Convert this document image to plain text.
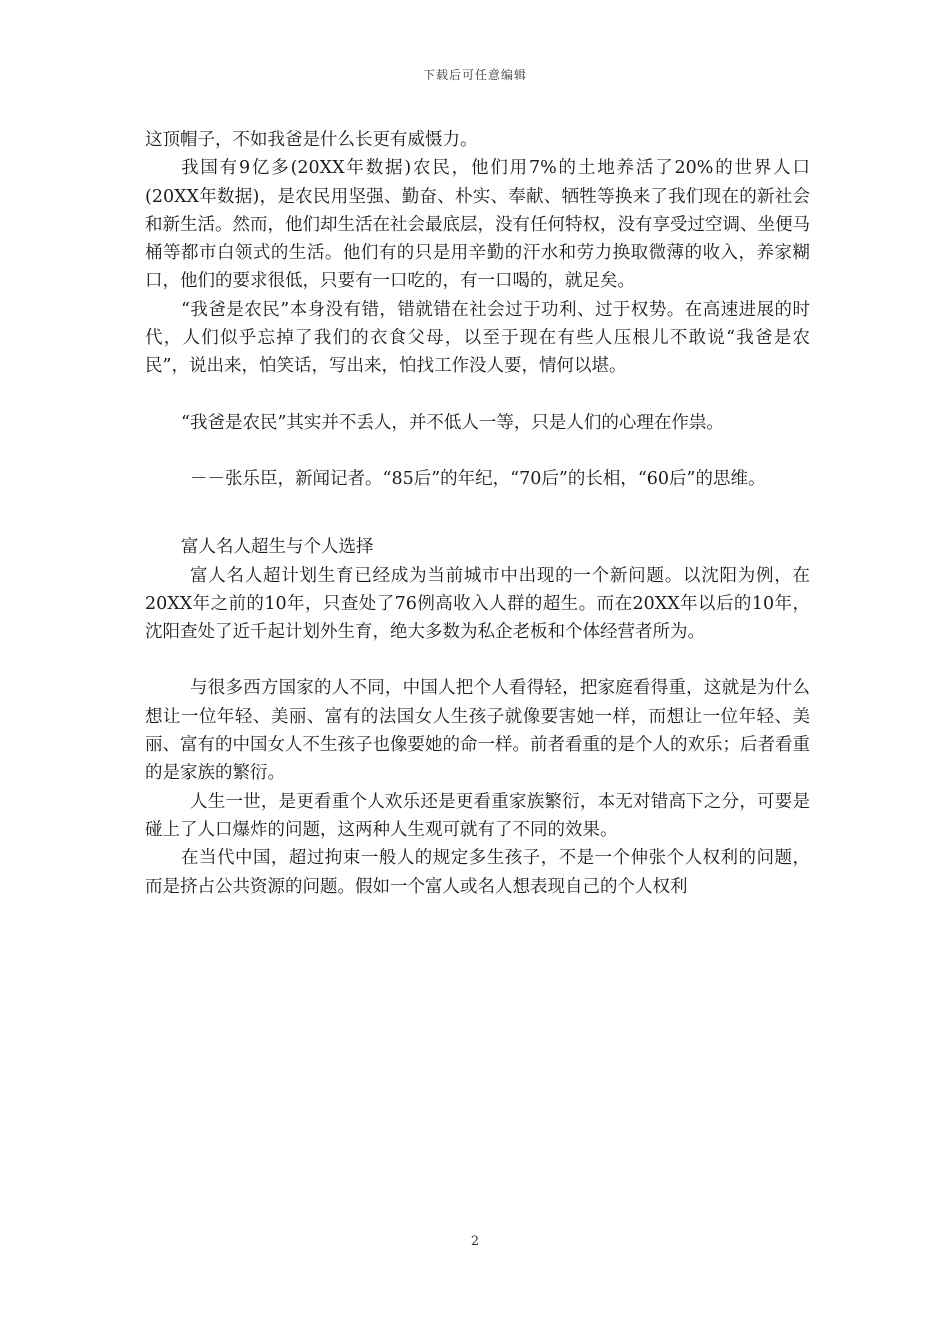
下载后可任意编辑

这顶帽子，不如我爸是什么长更有威慑力。

我国有9亿多(20XX年数据)农民，他们用7%的土地养活了20%的世界人口(20XX年数据)，是农民用坚强、勤奋、朴实、奉献、牺牲等换来了我们现在的新社会和新生活。然而，他们却生活在社会最底层，没有任何特权，没有享受过空调、坐便马桶等都市白领式的生活。他们有的只是用辛勤的汗水和劳力换取微薄的收入，养家糊口，他们的要求很低，只要有一口吃的，有一口喝的，就足矣。

“我爸是农民”本身没有错，错就错在社会过于功利、过于权势。在高速进展的时代，人们似乎忘掉了我们的衣食父母，以至于现在有些人压根儿不敢说“我爸是农民”，说出来，怕笑话，写出来，怕找工作没人要，情何以堪。

“我爸是农民”其实并不丢人，并不低人一等，只是人们的心理在作祟。

－－张乐臣，新闻记者。“85后”的年纪，“70后”的长相，“60后”的思维。

富人名人超生与个人选择

富人名人超计划生育已经成为当前城市中出现的一个新问题。以沈阳为例，在20XX年之前的10年，只查处了76例高收入人群的超生。而在20XX年以后的10年，沈阳查处了近千起计划外生育，绝大多数为私企老板和个体经营者所为。

与很多西方国家的人不同，中国人把个人看得轻，把家庭看得重，这就是为什么想让一位年轻、美丽、富有的法国女人生孩子就像要害她一样，而想让一位年轻、美丽、富有的中国女人不生孩子也像要她的命一样。前者看重的是个人的欢乐；后者看重的是家族的繁衍。

人生一世，是更看重个人欢乐还是更看重家族繁衍，本无对错高下之分，可要是碰上了人口爆炸的问题，这两种人生观可就有了不同的效果。

在当代中国，超过拘束一般人的规定多生孩子，不是一个伸张个人权利的问题，而是挤占公共资源的问题。假如一个富人或名人想表现自己的个人权利

2
